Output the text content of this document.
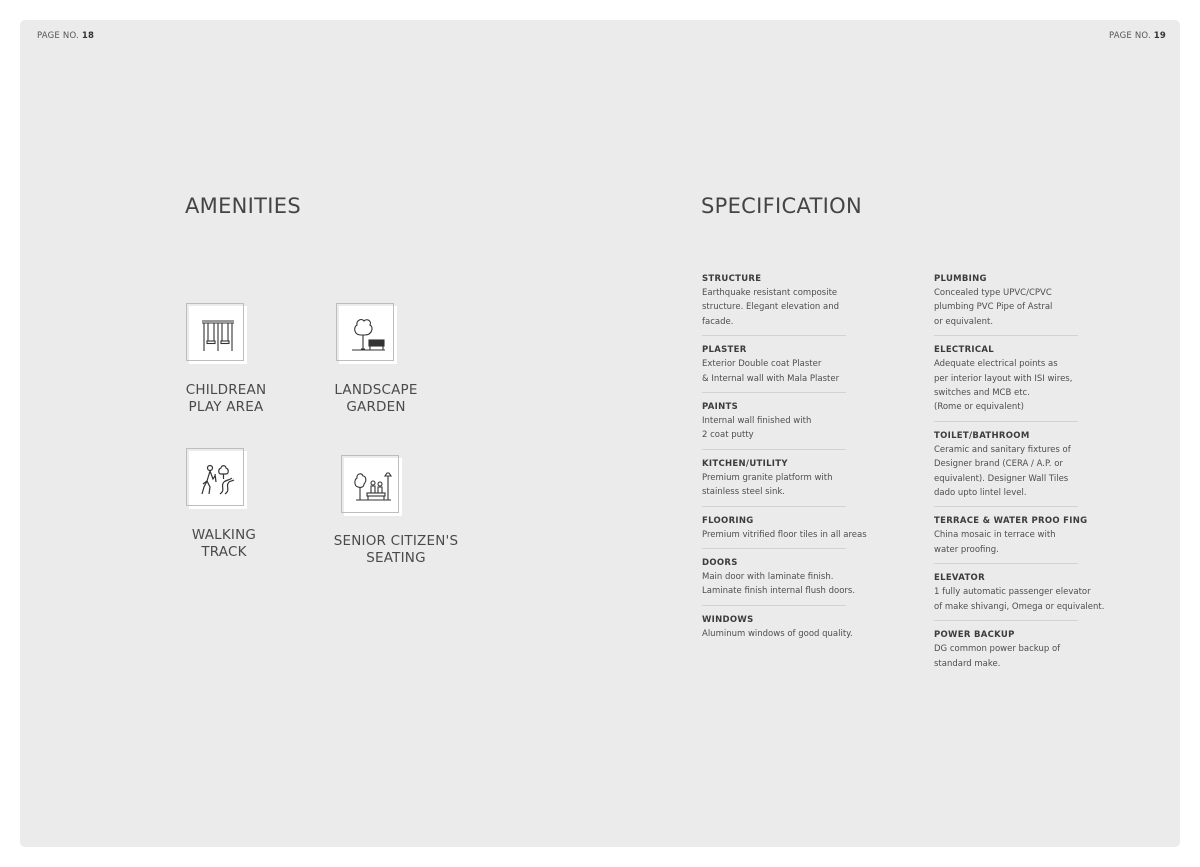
PAGE NO. 18	PAGE NO. 19
AMENITIES
CHILDREAN
PLAY AREA
LANDSCAPE
GARDEN
WALKING
TRACK
SENIOR CITIZEN'S
SEATING
SPECIFICATION
STRUCTURE

Earthquake resistant composite
structure. Elegant elevation and
facade.

PLASTER

Exterior Double coat Plaster
& Internal wall with Mala Plaster

PAINTS

Internal wall finished with
2 coat putty

KITCHEN/UTILITY

Premium granite platform with
stainless steel sink.

FLOORING

Premium vitrified floor tiles in all areas

DOORS

Main door with laminate finish.
Laminate finish internal flush doors.

WINDOWS

Aluminum windows of good quality.

PLUMBING

Concealed type UPVC/CPVC
plumbing PVC Pipe of Astral
or equivalent.

ELECTRICAL

Adequate electrical points as
per interior layout with ISI wires,
switches and MCB etc.
(Rome or equivalent)

TOILET/BATHROOM

Ceramic and sanitary fixtures of
Designer brand (CERA / A.P. or
equivalent). Designer Wall Tiles
dado upto lintel level.

TERRACE & WATER PROO FING

China mosaic in terrace with
water proofing.

ELEVATOR

1 fully automatic passenger elevator
of make shivangi, Omega or equivalent.

POWER BACKUP

DG common power backup of
standard make.
